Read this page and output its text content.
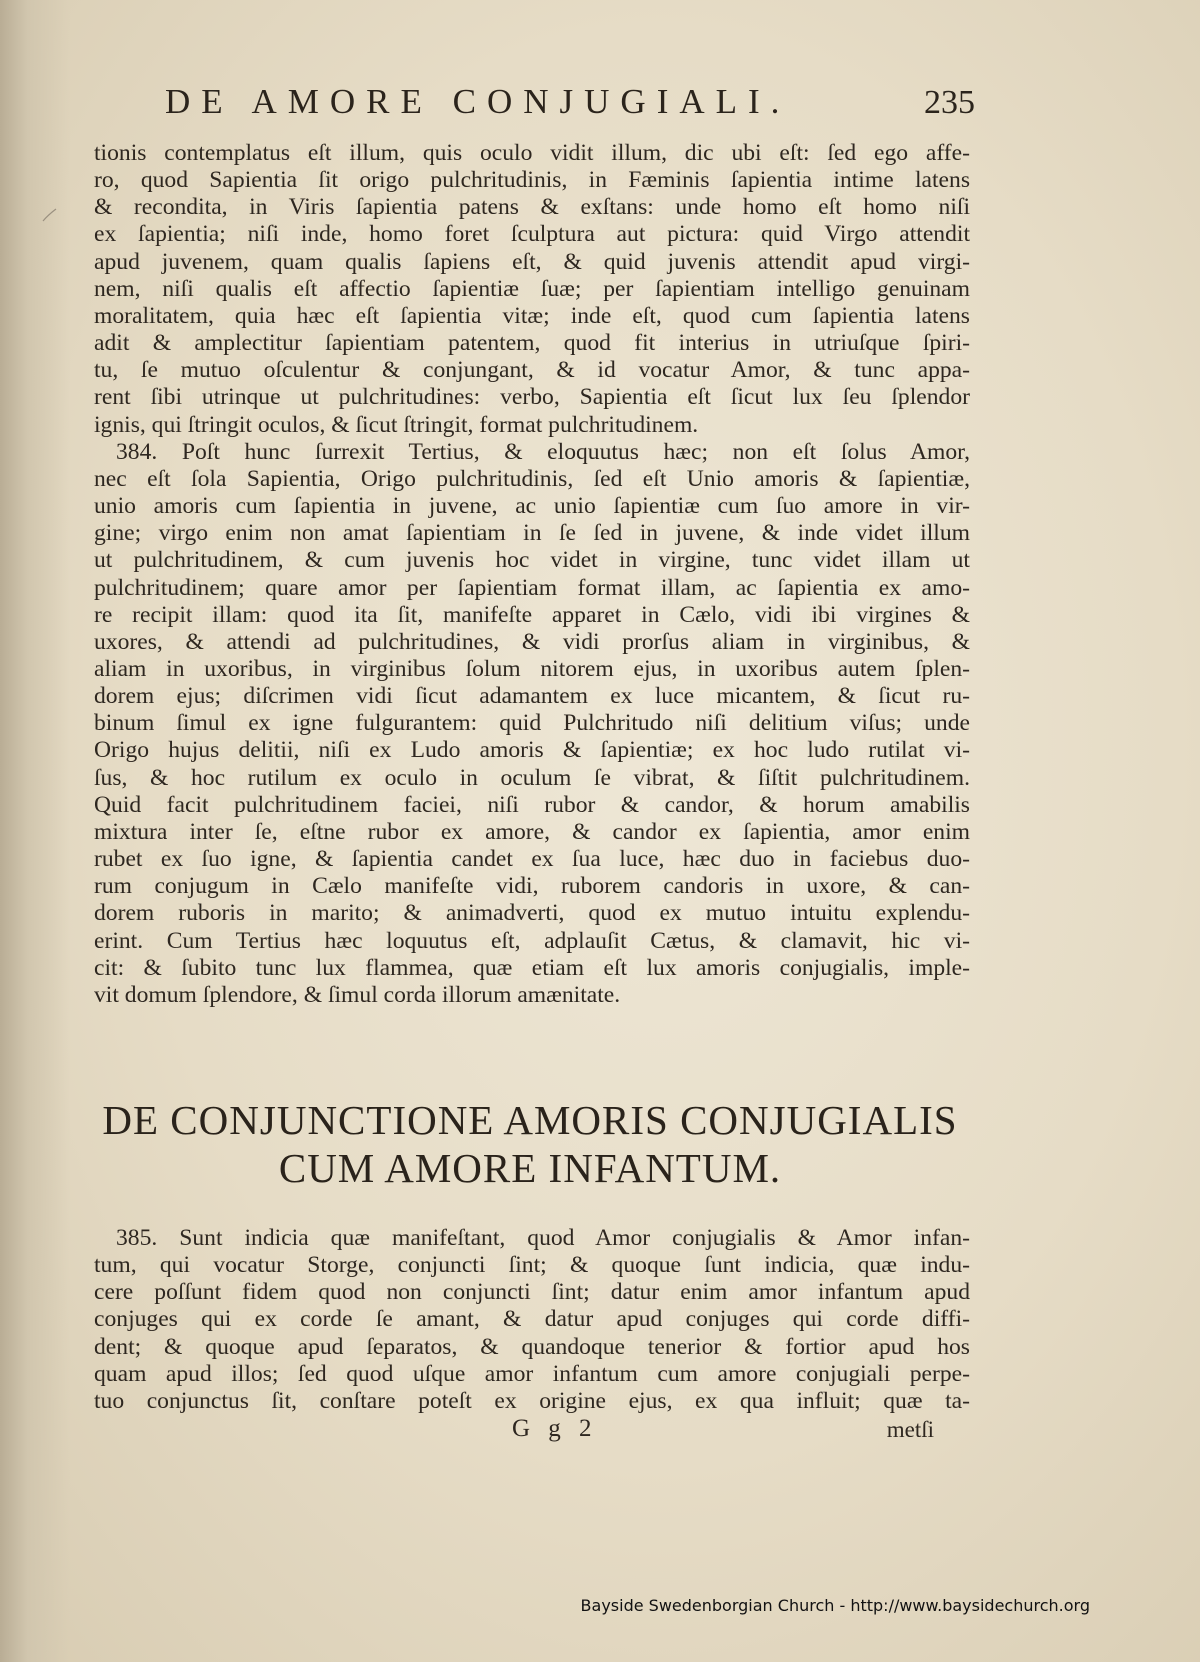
DE AMORE CONJUGIALI.	235

tionis contemplatus eſt illum, quis oculo vidit illum, dic ubi eſt: ſed ego affe-
ro, quod Sapientia ſit origo pulchritudinis, in Fæminis ſapientia intime latens
& recondita, in Viris ſapientia patens & exſtans: unde homo eſt homo niſi
ex ſapientia; niſi inde, homo foret ſculptura aut pictura: quid Virgo attendit
apud juvenem, quam qualis ſapiens eſt, & quid juvenis attendit apud virgi-
nem, niſi qualis eſt affectio ſapientiæ ſuæ; per ſapientiam intelligo genuinam
moralitatem, quia hæc eſt ſapientia vitæ; inde eſt, quod cum ſapientia latens
adit & amplectitur ſapientiam patentem, quod fit interius in utriuſque ſpiri-
tu, ſe mutuo oſculentur & conjungant, & id vocatur Amor, & tunc appa-
rent ſibi utrinque ut pulchritudines: verbo, Sapientia eſt ſicut lux ſeu ſplendor
ignis, qui ſtringit oculos, & ſicut ſtringit, format pulchritudinem.

384. Poſt hunc ſurrexit Tertius, & eloquutus hæc; non eſt ſolus Amor,
nec eſt ſola Sapientia, Origo pulchritudinis, ſed eſt Unio amoris & ſapientiæ,
unio amoris cum ſapientia in juvene, ac unio ſapientiæ cum ſuo amore in vir-
gine; virgo enim non amat ſapientiam in ſe ſed in juvene, & inde videt illum
ut pulchritudinem, & cum juvenis hoc videt in virgine, tunc videt illam ut
pulchritudinem; quare amor per ſapientiam format illam, ac ſapientia ex amo-
re recipit illam: quod ita ſit, manifeſte apparet in Cælo, vidi ibi virgines &
uxores, & attendi ad pulchritudines, & vidi prorſus aliam in virginibus, &
aliam in uxoribus, in virginibus ſolum nitorem ejus, in uxoribus autem ſplen-
dorem ejus; diſcrimen vidi ſicut adamantem ex luce micantem, & ſicut ru-
binum ſimul ex igne fulgurantem: quid Pulchritudo niſi delitium viſus; unde
Origo hujus delitii, niſi ex Ludo amoris & ſapientiæ; ex hoc ludo rutilat vi-
ſus, & hoc rutilum ex oculo in oculum ſe vibrat, & ſiſtit pulchritudinem.
Quid facit pulchritudinem faciei, niſi rubor & candor, & horum amabilis
mixtura inter ſe, eſtne rubor ex amore, & candor ex ſapientia, amor enim
rubet ex ſuo igne, & ſapientia candet ex ſua luce, hæc duo in faciebus duo-
rum conjugum in Cælo manifeſte vidi, ruborem candoris in uxore, & can-
dorem ruboris in marito; & animadverti, quod ex mutuo intuitu explendu-
erint. Cum Tertius hæc loquutus eſt, adplauſit Cætus, & clamavit, hic vi-
cit: & ſubito tunc lux flammea, quæ etiam eſt lux amoris conjugialis, imple-
vit domum ſplendore, & ſimul corda illorum amænitate.

DE CONJUNCTIONE AMORIS CONJUGIALIS
CUM AMORE INFANTUM.

385. Sunt indicia quæ manifeſtant, quod Amor conjugialis & Amor infan-
tum, qui vocatur Storge, conjuncti ſint; & quoque ſunt indicia, quæ indu-
cere poſſunt fidem quod non conjuncti ſint; datur enim amor infantum apud
conjuges qui ex corde ſe amant, & datur apud conjuges qui corde diffi-
dent; & quoque apud ſeparatos, & quandoque tenerior & fortior apud hos
quam apud illos; ſed quod uſque amor infantum cum amore conjugiali perpe-
tuo conjunctus ſit, conſtare poteſt ex origine ejus, ex qua influit; quæ ta-

G g 2	metſi
Bayside Swedenborgian Church - http://www.baysidechurch.org
